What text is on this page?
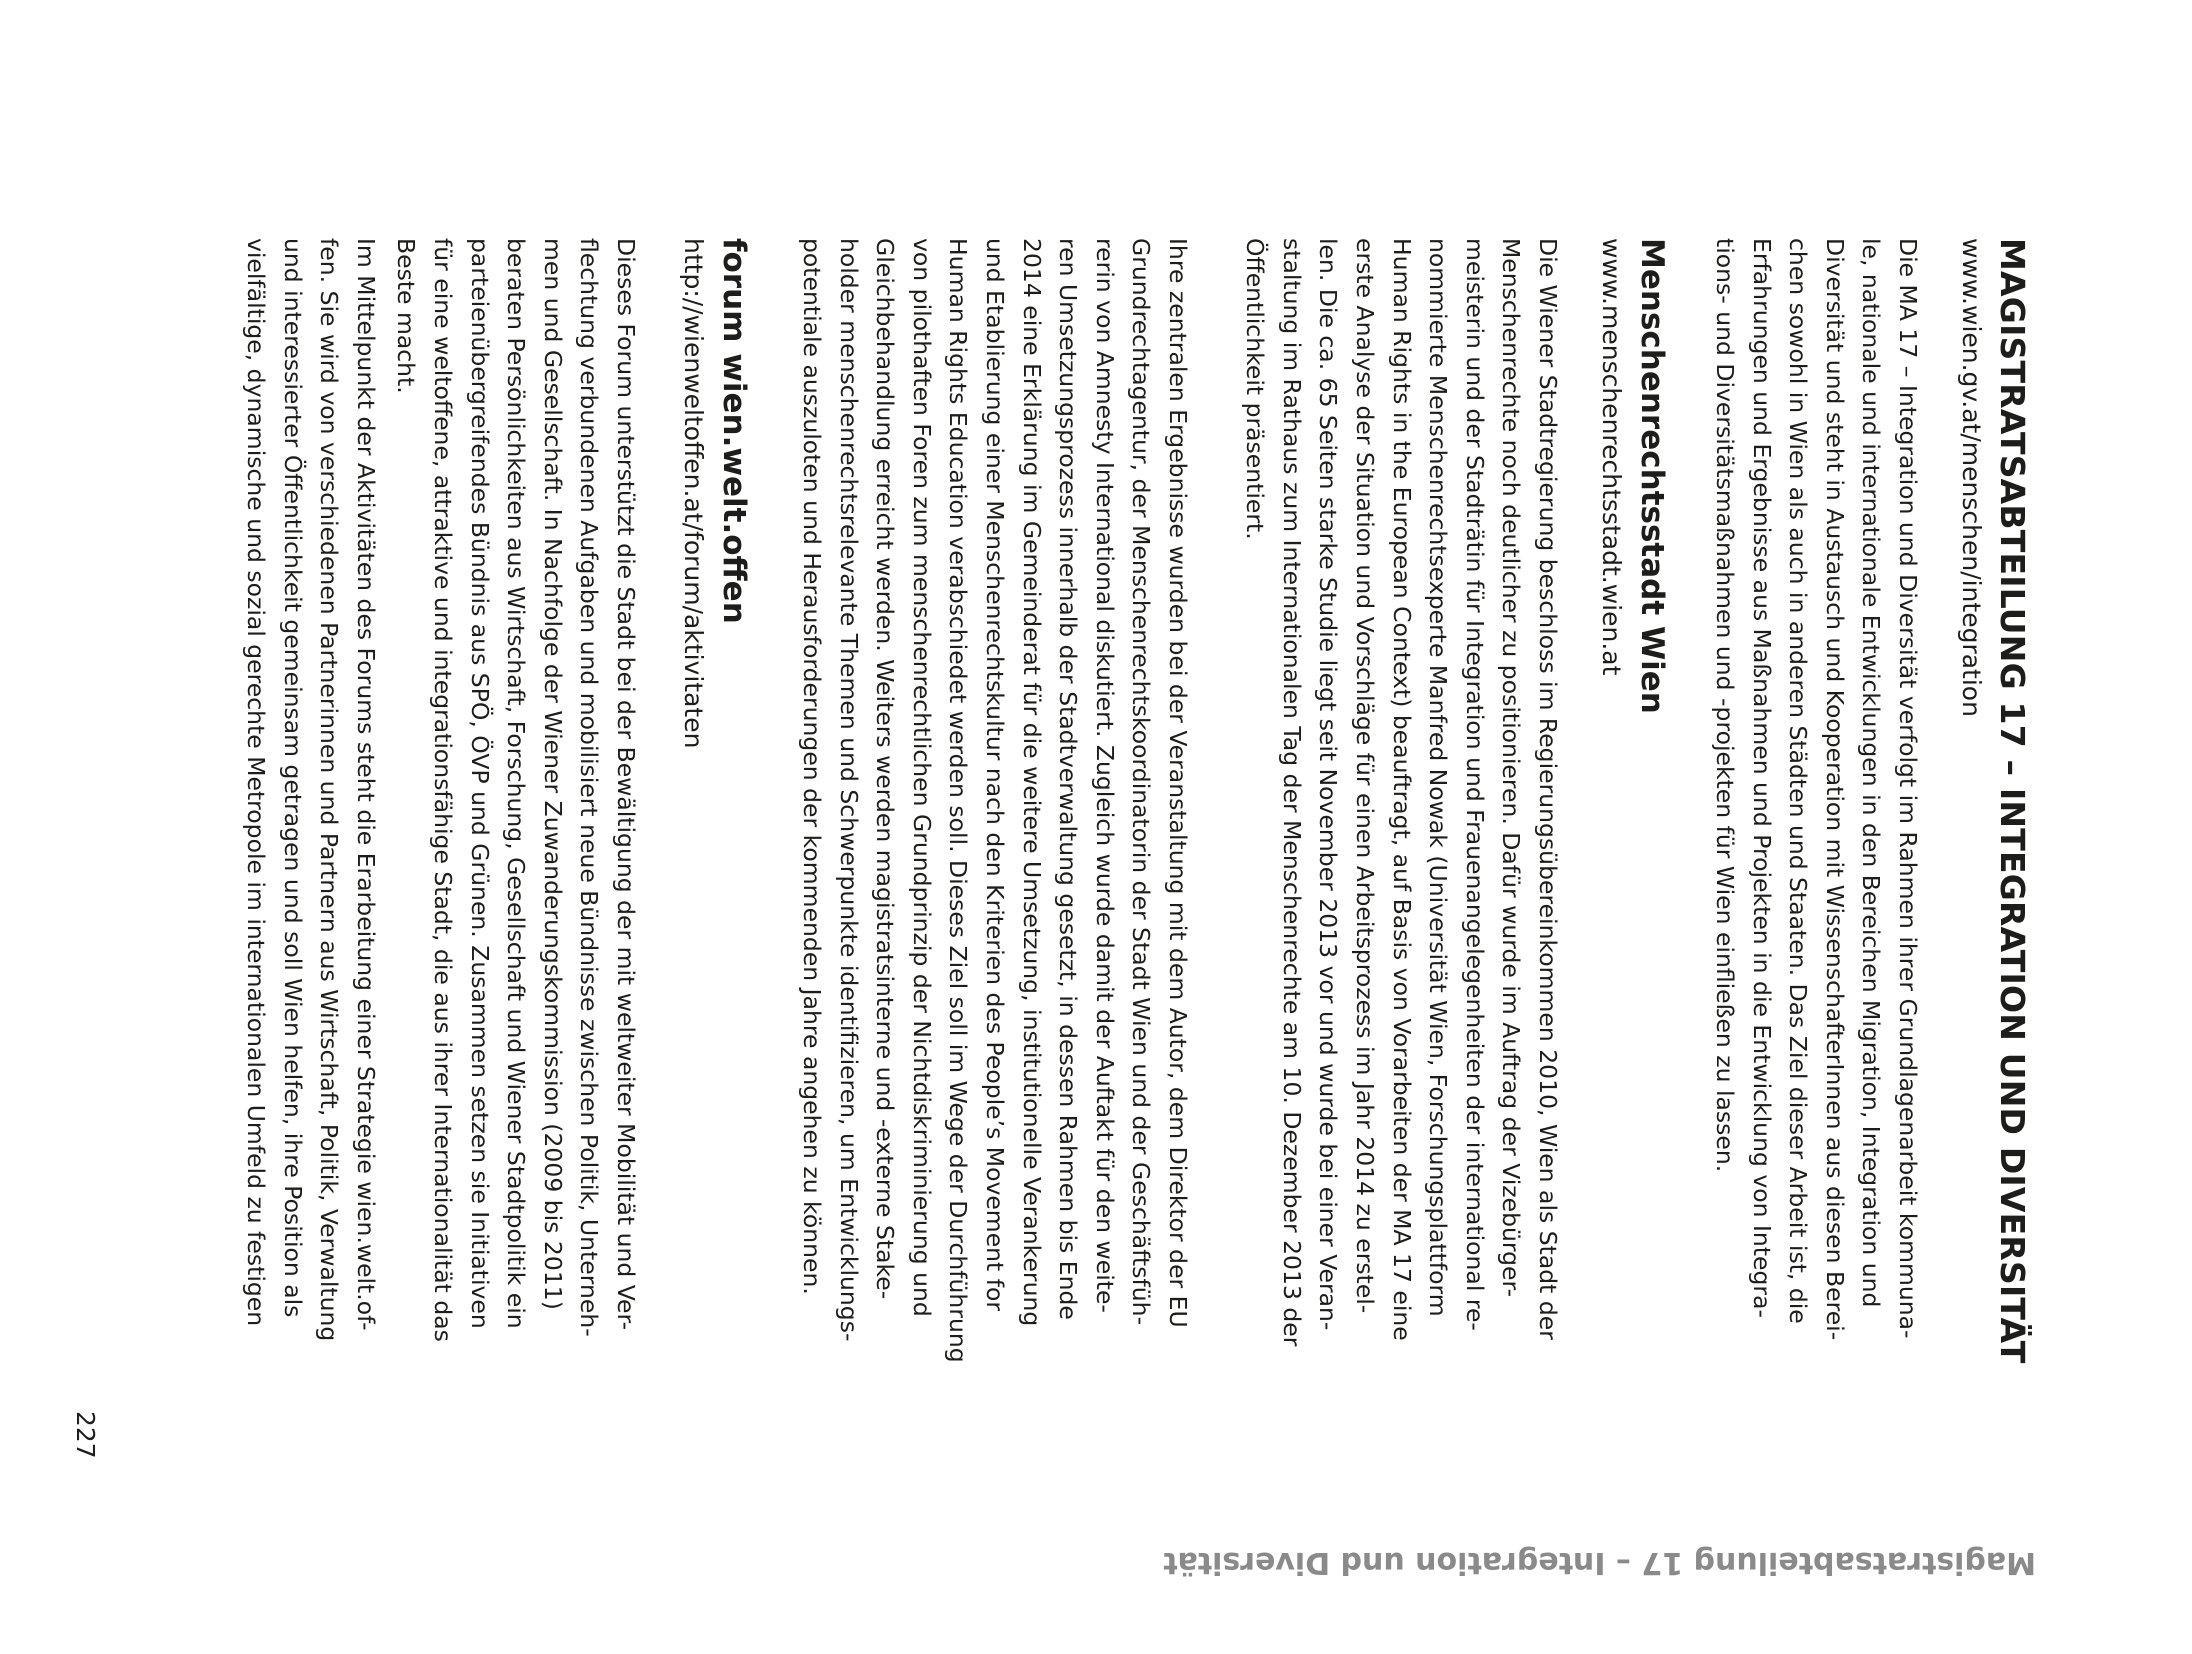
MAGISTRATSABTEILUNG 17 – INTEGRATION UND DIVERSITÄT
www.wien.gv.at/menschen/integration
Die MA 17 – Integration und Diversität verfolgt im Rahmen ihrer Grundlagenarbeit kommuna-
le, nationale und internationale Entwicklungen in den Bereichen Migration, Integration und
Diversität und steht in Austausch und Kooperation mit WissenschafterInnen aus diesen Berei-
chen sowohl in Wien als auch in anderen Städten und Staaten. Das Ziel dieser Arbeit ist, die
Erfahrungen und Ergebnisse aus Maßnahmen und Projekten in die Entwicklung von Integra-
tions- und Diversitätsmaßnahmen und -projekten für Wien einfließen zu lassen.
Menschenrechtsstadt Wien
www.menschenrechtsstadt.wien.at
Die Wiener Stadtregierung beschloss im Regierungsübereinkommen 2010, Wien als Stadt der
Menschenrechte noch deutlicher zu positionieren. Dafür wurde im Auftrag der Vizebürger-
meisterin und der Stadträtin für Integration und Frauenangelegenheiten der international re-
nommierte Menschenrechtsexperte Manfred Nowak (Universität Wien, Forschungsplattform
Human Rights in the European Context) beauftragt, auf Basis von Vorarbeiten der MA 17 eine
erste Analyse der Situation und Vorschläge für einen Arbeitsprozess im Jahr 2014 zu erstel-
len. Die ca. 65 Seiten starke Studie liegt seit November 2013 vor und wurde bei einer Veran-
staltung im Rathaus zum Internationalen Tag der Menschenrechte am 10. Dezember 2013 der
Öffentlichkeit präsentiert.
Ihre zentralen Ergebnisse wurden bei der Veranstaltung mit dem Autor, dem Direktor der EU
Grundrechtagentur, der Menschenrechtskoordinatorin der Stadt Wien und der Geschäftsfüh-
rerin von Amnesty International diskutiert. Zugleich wurde damit der Auftakt für den weite-
ren Umsetzungsprozess innerhalb der Stadtverwaltung gesetzt, in dessen Rahmen bis Ende
2014 eine Erklärung im Gemeinderat für die weitere Umsetzung, institutionelle Verankerung
und Etablierung einer Menschenrechtskultur nach den Kriterien des People’s Movement for
Human Rights Education verabschiedet werden soll. Dieses Ziel soll im Wege der Durchführung
von pilothaften Foren zum menschenrechtlichen Grundprinzip der Nichtdiskriminierung und
Gleichbehandlung erreicht werden. Weiters werden magistratsinterne und -externe Stake-
holder menschenrechtsrelevante Themen und Schwerpunkte identifizieren, um Entwicklungs-
potentiale auszuloten und Herausforderungen der kommenden Jahre angehen zu können.
forum wien.welt.offen
http://wienweltoffen.at/forum/aktivitaten
Dieses Forum unterstützt die Stadt bei der Bewältigung der mit weltweiter Mobilität und Ver-
flechtung verbundenen Aufgaben und mobilisiert neue Bündnisse zwischen Politik, Unterneh-
men und Gesellschaft. In Nachfolge der Wiener Zuwanderungskommission (2009 bis 2011)
beraten Persönlichkeiten aus Wirtschaft, Forschung, Gesellschaft und Wiener Stadtpolitik ein
parteienübergreifendes Bündnis aus SPÖ, ÖVP und Grünen. Zusammen setzen sie Initiativen
für eine weltoffene, attraktive und integrationsfähige Stadt, die aus ihrer Internationalität das
Beste macht.
Im Mittelpunkt der Aktivitäten des Forums steht die Erarbeitung einer Strategie wien.welt.of-
fen. Sie wird von verschiedenen Partnerinnen und Partnern aus Wirtschaft, Politik, Verwaltung
und interessierter Öffentlichkeit gemeinsam getragen und soll Wien helfen, ihre Position als
vielfältige, dynamische und sozial gerechte Metropole im internationalen Umfeld zu festigen
227
Magistratsabteilung 17 – Integration und Diversität
